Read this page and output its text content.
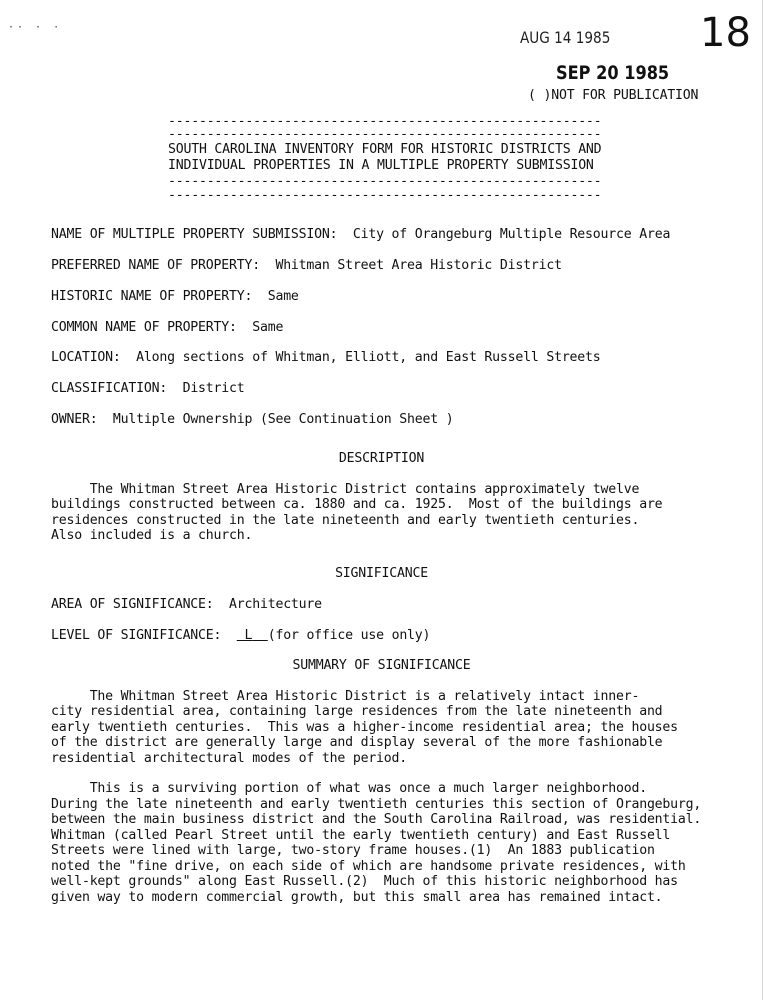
·· · ·
AUG 14 1985
SEP 20 1985
18
( )NOT FOR PUBLICATION
--------------------------------------------------------
--------------------------------------------------------
SOUTH CAROLINA INVENTORY FORM FOR HISTORIC DISTRICTS AND
INDIVIDUAL PROPERTIES IN A MULTIPLE PROPERTY SUBMISSION
--------------------------------------------------------
--------------------------------------------------------
NAME OF MULTIPLE PROPERTY SUBMISSION: City of Orangeburg Multiple Resource Area
PREFERRED NAME OF PROPERTY: Whitman Street Area Historic District
HISTORIC NAME OF PROPERTY: Same
COMMON NAME OF PROPERTY: Same
LOCATION: Along sections of Whitman, Elliott, and East Russell Streets
CLASSIFICATION: District
OWNER: Multiple Ownership (See Continuation Sheet )
DESCRIPTION
The Whitman Street Area Historic District contains approximately twelve
buildings constructed between ca. 1880 and ca. 1925.  Most of the buildings are
residences constructed in the late nineteenth and early twentieth centuries.
Also included is a church.
SIGNIFICANCE
AREA OF SIGNIFICANCE: Architecture
LEVEL OF SIGNIFICANCE: L (for office use only)
SUMMARY OF SIGNIFICANCE
The Whitman Street Area Historic District is a relatively intact inner-
city residential area, containing large residences from the late nineteenth and
early twentieth centuries.  This was a higher-income residential area; the houses
of the district are generally large and display several of the more fashionable
residential architectural modes of the period.
This is a surviving portion of what was once a much larger neighborhood.
During the late nineteenth and early twentieth centuries this section of Orangeburg,
between the main business district and the South Carolina Railroad, was residential.
Whitman (called Pearl Street until the early twentieth century) and East Russell
Streets were lined with large, two-story frame houses.(1)  An 1883 publication
noted the "fine drive, on each side of which are handsome private residences, with
well-kept grounds" along East Russell.(2)  Much of this historic neighborhood has
given way to modern commercial growth, but this small area has remained intact.
